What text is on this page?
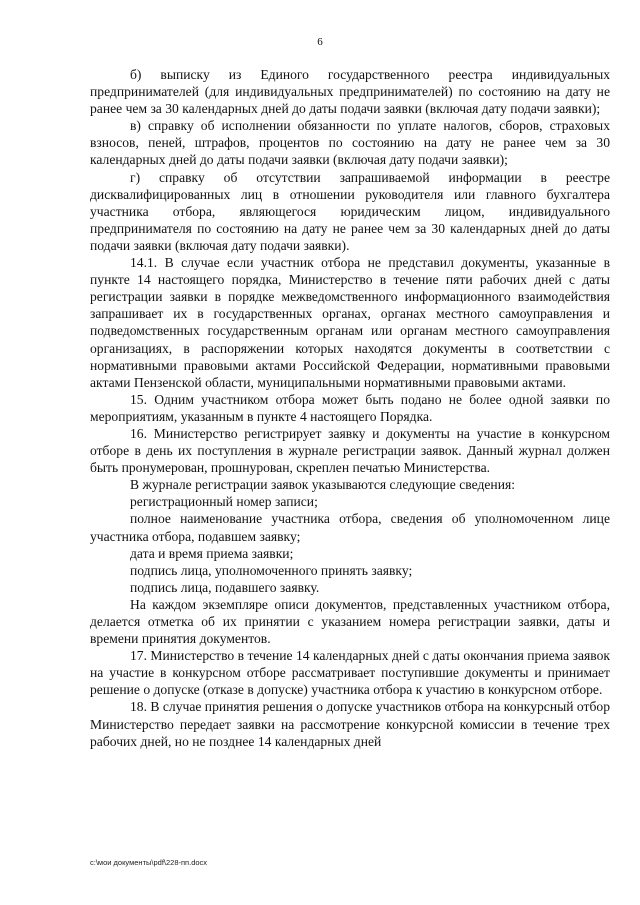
6

б) выписку из Единого государственного реестра индивидуальных предпринимателей (для индивидуальных предпринимателей) по состоянию на дату не ранее чем за 30 календарных дней до даты подачи заявки (включая дату подачи заявки);

в) справку об исполнении обязанности по уплате налогов, сборов, страховых взносов, пеней, штрафов, процентов по состоянию на дату не ранее чем за 30 календарных дней до даты подачи заявки (включая дату подачи заявки);

г) справку об отсутствии запрашиваемой информации в реестре дисквалифицированных лиц в отношении руководителя или главного бухгалтера участника отбора, являющегося юридическим лицом, индивидуального предпринимателя по состоянию на дату не ранее чем за 30 календарных дней до даты подачи заявки (включая дату подачи заявки).

14.1. В случае если участник отбора не представил документы, указанные в пункте 14 настоящего порядка, Министерство в течение пяти рабочих дней с даты регистрации заявки в порядке межведомственного информационного взаимодействия запрашивает их в государственных органах, органах местного самоуправления и подведомственных государственным органам или органам местного самоуправления организациях, в распоряжении которых находятся документы в соответствии с нормативными правовыми актами Российской Федерации, нормативными правовыми актами Пензенской области, муниципальными нормативными правовыми актами.

15. Одним участником отбора может быть подано не более одной заявки по мероприятиям, указанным в пункте 4 настоящего Порядка.

16. Министерство регистрирует заявку и документы на участие в конкурсном отборе в день их поступления в журнале регистрации заявок. Данный журнал должен быть пронумерован, прошнурован, скреплен печатью Министерства.

В журнале регистрации заявок указываются следующие сведения:

регистрационный номер записи;

полное наименование участника отбора, сведения об уполномоченном лице участника отбора, подавшем заявку;

дата и время приема заявки;

подпись лица, уполномоченного принять заявку;

подпись лица, подавшего заявку.

На каждом экземпляре описи документов, представленных участником отбора, делается отметка об их принятии с указанием номера регистрации заявки, даты и времени принятия документов.

17. Министерство в течение 14 календарных дней с даты окончания приема заявок на участие в конкурсном отборе рассматривает поступившие документы и принимает решение о допуске (отказе в допуске) участника отбора к участию в конкурсном отборе.

18. В случае принятия решения о допуске участников отбора на конкурсный отбор Министерство передает заявки на рассмотрение конкурсной комиссии в течение трех рабочих дней, но не позднее 14 календарных дней

c:\мои документы\pdf\228-пп.docx
